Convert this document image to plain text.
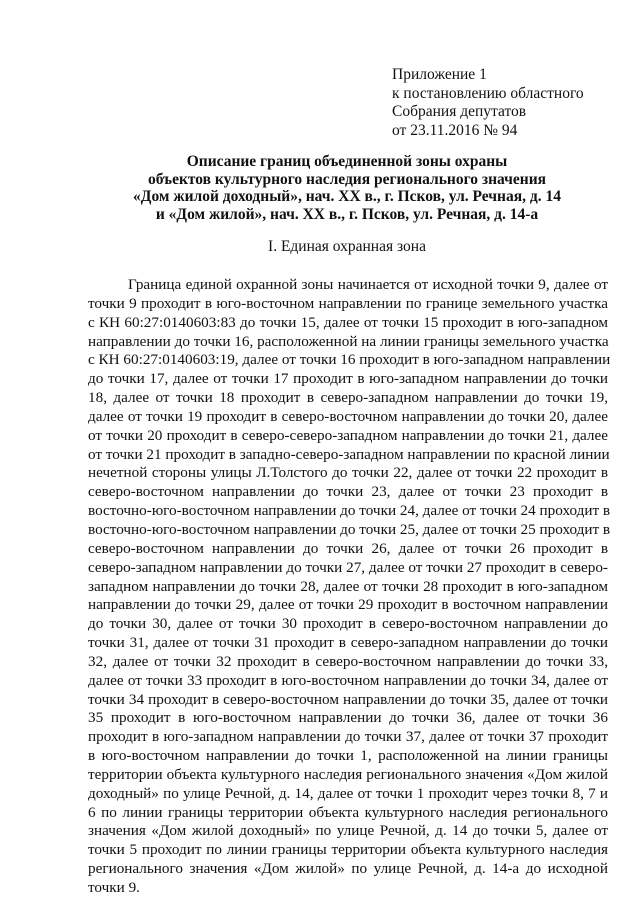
Приложение 1
к постановлению областного
Собрания депутатов
от 23.11.2016 № 94
Описание границ объединенной зоны охраны
объектов культурного наследия регионального значения
«Дом жилой доходный», нач. XX в., г. Псков, ул. Речная, д. 14
и «Дом жилой», нач. XX в., г. Псков, ул. Речная, д. 14-а
I. Единая охранная зона
Граница единой охранной зоны начинается от исходной точки 9, далее от
точки 9 проходит в юго-восточном направлении по границе земельного участка
с КН 60:27:0140603:83 до точки 15, далее от точки 15 проходит в юго-западном
направлении до точки 16, расположенной на линии границы земельного участка
с КН 60:27:0140603:19, далее от точки 16 проходит в юго-западном направлении
до точки 17, далее от точки 17 проходит в юго-западном направлении до точки
18, далее от точки 18 проходит в северо-западном направлении до точки 19,
далее от точки 19 проходит в северо-восточном направлении до точки 20, далее
от точки 20 проходит в северо-северо-западном направлении до точки 21, далее
от точки 21 проходит в западно-северо-западном направлении по красной линии
нечетной стороны улицы Л.Толстого до точки 22, далее от точки 22 проходит в
северо-восточном направлении до точки 23, далее от точки 23 проходит в
восточно-юго-восточном направлении до точки 24, далее от точки 24 проходит в
восточно-юго-восточном направлении до точки 25, далее от точки 25 проходит в
северо-восточном направлении до точки 26, далее от точки 26 проходит в
северо-западном направлении до точки 27, далее от точки 27 проходит в северо-
западном направлении до точки 28, далее от точки 28 проходит в юго-западном
направлении до точки 29, далее от точки 29 проходит в восточном направлении
до точки 30, далее от точки 30 проходит в северо-восточном направлении до
точки 31, далее от точки 31 проходит в северо-западном направлении до точки
32, далее от точки 32 проходит в северо-восточном направлении до точки 33,
далее от точки 33 проходит в юго-восточном направлении до точки 34, далее от
точки 34 проходит в северо-восточном направлении до точки 35, далее от точки
35 проходит в юго-восточном направлении до точки 36, далее от точки 36
проходит в юго-западном направлении до точки 37, далее от точки 37 проходит
в юго-восточном направлении до точки 1, расположенной на линии границы
территории объекта культурного наследия регионального значения «Дом жилой
доходный» по улице Речной, д. 14, далее от точки 1 проходит через точки 8, 7 и
6 по линии границы территории объекта культурного наследия регионального
значения «Дом жилой доходный» по улице Речной, д. 14 до точки 5, далее от
точки 5 проходит по линии границы территории объекта культурного наследия
регионального значения «Дом жилой» по улице Речной, д. 14-а до исходной
точки 9.
